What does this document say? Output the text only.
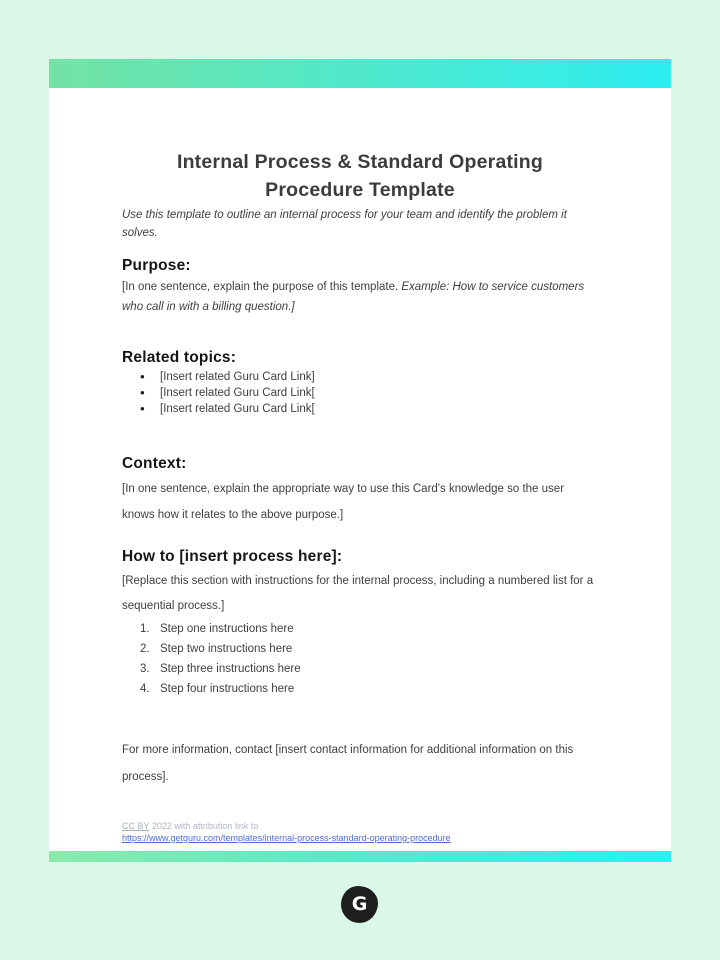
Internal Process & Standard Operating
Procedure Template

Use this template to outline an internal process for your team and identify the problem it solves.

Purpose:

[In one sentence, explain the purpose of this template. Example: How to service customers who call in with a billing question.]

Related topics:
●	[Insert related Guru Card Link]
●	[Insert related Guru Card Link[
●	[Insert related Guru Card Link[
Context:

[In one sentence, explain the appropriate way to use this Card's knowledge so the user knows how it relates to the above purpose.]

How to [insert process here]:

[Replace this section with instructions for the internal process, including a numbered list for a sequential process.]

1. Step one instructions here
2. Step two instructions here
3. Step three instructions here
4. Step four instructions here

For more information, contact [insert contact information for additional information on this process].

CC BY 2022 with attribution link to
https://www.getguru.com/templates/internal-process-standard-operating-procedure
G
